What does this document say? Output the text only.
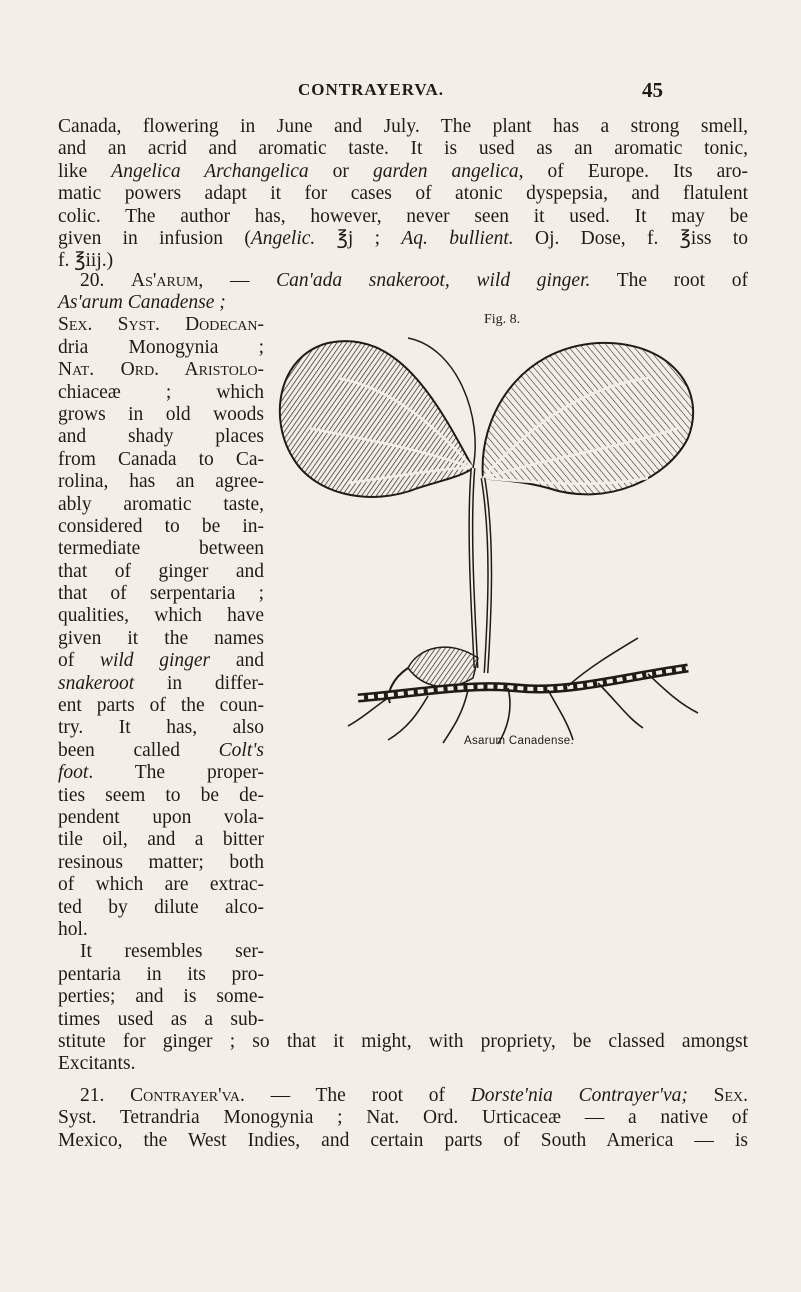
CONTRAYERVA.	45
Canada, flowering in June and July. The plant has a strong smell,
and an acrid and aromatic taste. It is used as an aromatic tonic,
like Angelica Archangelica or garden angelica, of Europe. Its aro-
matic powers adapt it for cases of atonic dyspepsia, and flatulent
colic. The author has, however, never seen it used. It may be
given in infusion (Angelic. ℥j ; Aq. bullient. Oj. Dose, f. ℥iss to
f. ℥iij.)
20. As'arum, — Can'ada snakeroot, wild ginger. The root of
As'arum Canadense ;
Sex. Syst. Dodecan-
dria Monogynia ;
Nat. Ord. Aristolo-
chiaceæ ; which
grows in old woods
and shady places
from Canada to Ca-
rolina, has an agree-
ably aromatic taste,
considered to be in-
termediate between
that of ginger and
that of serpentaria ;
qualities, which have
given it the names
of wild ginger and
snakeroot in differ-
ent parts of the coun-
try. It has, also
been called Colt's
foot. The proper-
ties seem to be de-
pendent upon vola-
tile oil, and a bitter
resinous matter; both
of which are extrac-
ted by dilute alco-
hol.
It resembles ser-
pentaria in its pro-
perties; and is some-
times used as a sub-
stitute for ginger ; so that it might, with propriety, be classed amongst
Excitants.
Fig. 8.
Asarum Canadense.
21. Contrayer'va. — The root of Dorste'nia Contrayer'va; Sex.
Syst. Tetrandria Monogynia ; Nat. Ord. Urticaceæ — a native of
Mexico, the West Indies, and certain parts of South America — is
